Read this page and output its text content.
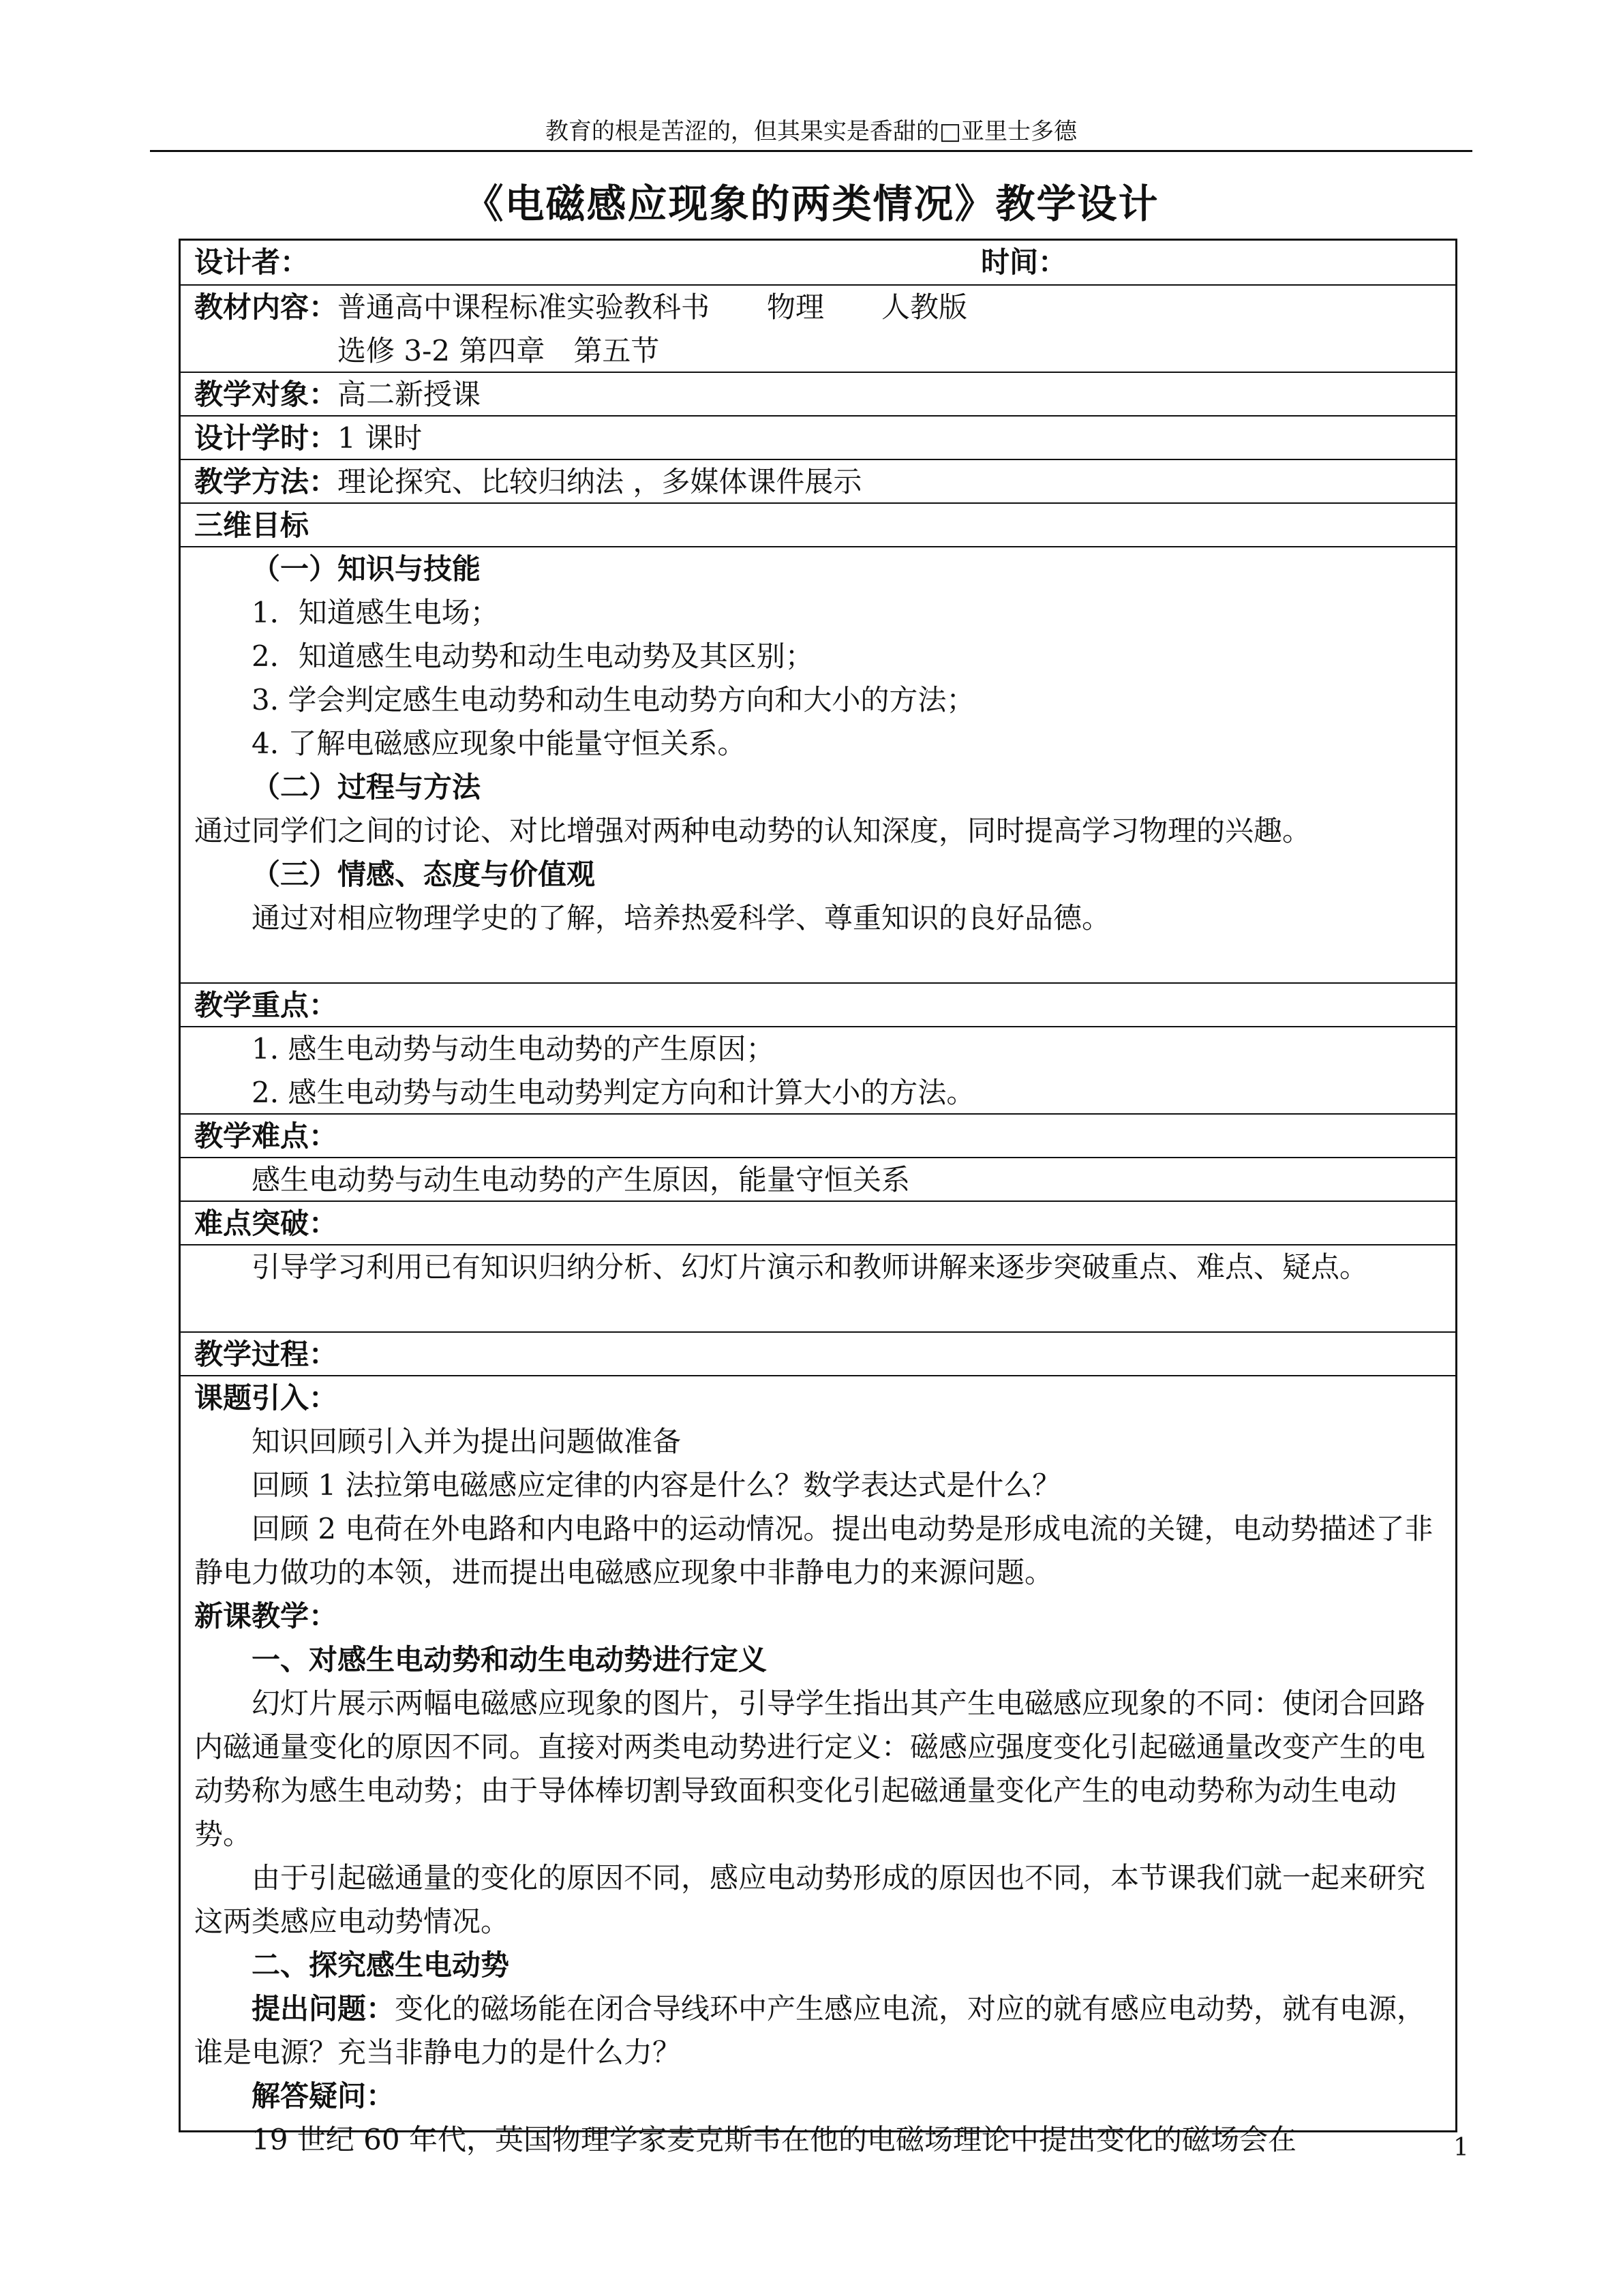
教育的根是苦涩的，但其果实是香甜的□亚里士多德
《电磁感应现象的两类情况》教学设计
设计者：	时间：

教材内容：普通高中课程标准实验教科书　　物理　　人教版

选修 3-2 第四章　第五节

教学对象：高二新授课
设计学时：1 课时
教学方法：理论探究、比较归纳法 ，多媒体课件展示
三维目标

（一）知识与技能

1．知道感生电场；

2．知道感生电动势和动生电动势及其区别；

3. 学会判定感生电动势和动生电动势方向和大小的方法；

4. 了解电磁感应现象中能量守恒关系。

（二）过程与方法

通过同学们之间的讨论、对比增强对两种电动势的认知深度，同时提高学习物理的兴趣。

（三）情感、态度与价值观

通过对相应物理学史的了解，培养热爱科学、尊重知识的良好品德。

教学重点：

1. 感生电动势与动生电动势的产生原因；

2. 感生电动势与动生电动势判定方向和计算大小的方法。

教学难点：
感生电动势与动生电动势的产生原因，能量守恒关系
难点突破：
引导学习利用已有知识归纳分析、幻灯片演示和教师讲解来逐步突破重点、难点、疑点。
教学过程：

课题引入：

知识回顾引入并为提出问题做准备

回顾 1 法拉第电磁感应定律的内容是什么？数学表达式是什么？

回顾 2 电荷在外电路和内电路中的运动情况。提出电动势是形成电流的关键，电动势描述了非静电力做功的本领，进而提出电磁感应现象中非静电力的来源问题。

新课教学：

一、对感生电动势和动生电动势进行定义

幻灯片展示两幅电磁感应现象的图片，引导学生指出其产生电磁感应现象的不同：使闭合回路内磁通量变化的原因不同。直接对两类电动势进行定义：磁感应强度变化引起磁通量改变产生的电动势称为感生电动势；由于导体棒切割导致面积变化引起磁通量变化产生的电动势称为动生电动势。

由于引起磁通量的变化的原因不同，感应电动势形成的原因也不同，本节课我们就一起来研究这两类感应电动势情况。

二、探究感生电动势

提出问题：变化的磁场能在闭合导线环中产生感应电流，对应的就有感应电动势，就有电源，谁是电源？充当非静电力的是什么力？

解答疑问：

19 世纪 60 年代，英国物理学家麦克斯韦在他的电磁场理论中提出变化的磁场会在	1
